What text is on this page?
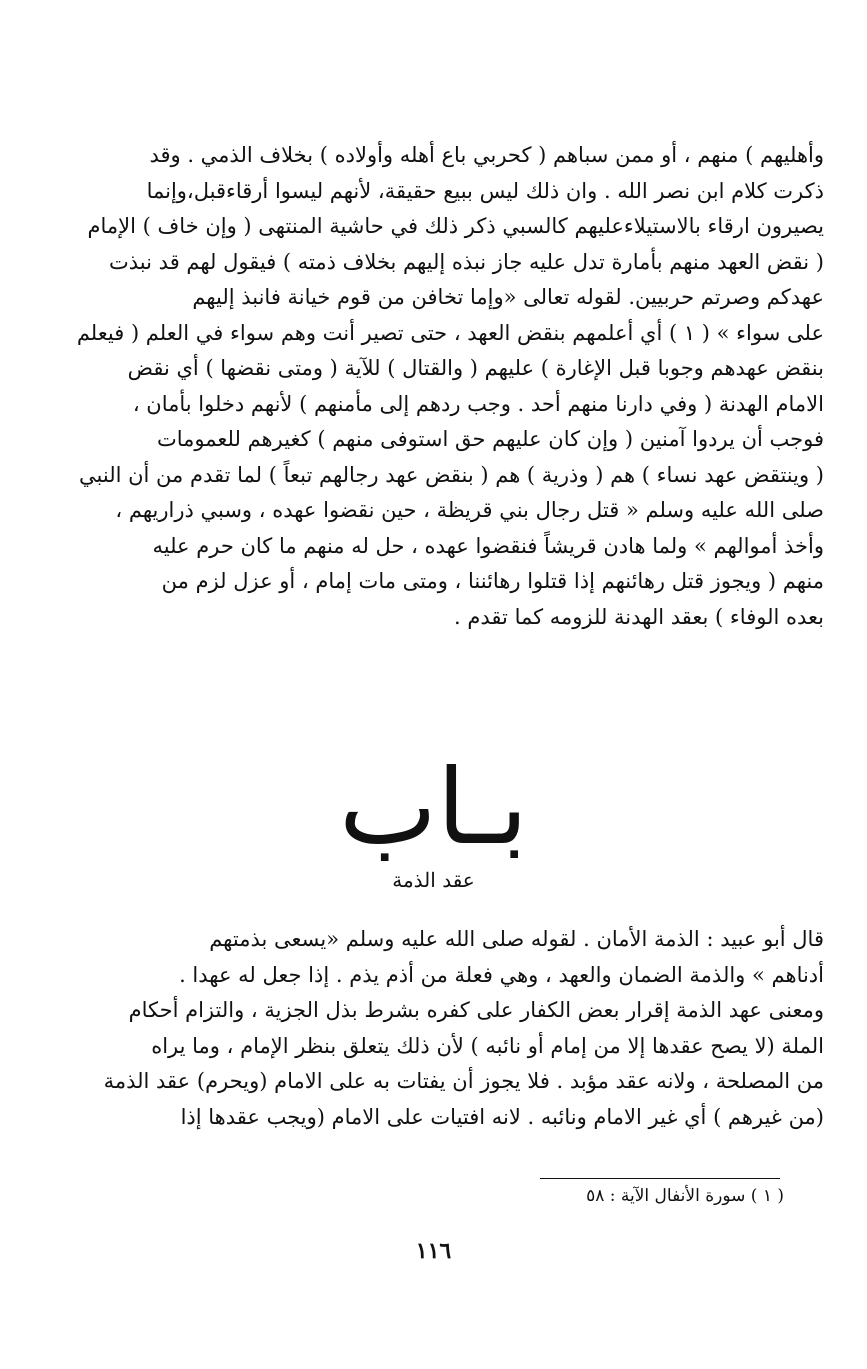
وأهليهم ) منهم ، أو ممن سباهم ( كحربي باع أهله وأولاده ) بخلاف الذمي . وقد
ذكرت كلام ابن نصر الله . وان ذلك ليس ببيع حقيقة، لأنهم ليسوا أرقاءقبل،وإنما
يصيرون ارقاء بالاستيلاءعليهم كالسبي ذكر ذلك في حاشية المنتهى ( وإن خاف ) الإمام
( نقض العهد منهم بأمارة تدل عليه جاز نبذه إليهم بخلاف ذمته ) فيقول لهم قد نبذت
عهدكم وصرتم حربيين. لقوله تعالى «وإما تخافن من قوم خيانة فانبذ إليهم
على سواء » ( ١ ) أي أعلمهم بنقض العهد ، حتى تصير أنت وهم سواء في العلم ( فيعلم
بنقض عهدهم وجوبا قبل الإغارة ) عليهم ( والقتال ) للآية ( ومتى نقضها ) أي نقض
الامام الهدنة ( وفي دارنا منهم أحد . وجب ردهم إلى مأمنهم ) لأنهم دخلوا بأمان ،
فوجب أن يردوا آمنين ( وإن كان عليهم حق استوفى منهم ) كغيرهم للعمومات
( وينتقض عهد نساء ) هم ( وذرية ) هم ( بنقض عهد رجالهم تبعاً ) لما تقدم من أن النبي
صلى الله عليه وسلم « قتل رجال بني قريظة ، حين نقضوا عهده ، وسبي ذراريهم ،
وأخذ أموالهم » ولما هادن قريشاً فنقضوا عهده ، حل له منهم ما كان حرم عليه
منهم ( ويجوز قتل رهائنهم إذا قتلوا رهائننا ، ومتى مات إمام ، أو عزل لزم من
بعده الوفاء ) بعقد الهدنة للزومه كما تقدم .
بـاب
عقد الذمة
قال أبو عبيد : الذمة الأمان . لقوله صلى الله عليه وسلم «يسعى بذمتهم
أدناهم » والذمة الضمان والعهد ، وهي فعلة من أذم يذم . إذا جعل له عهدا .
ومعنى عهد الذمة إقرار بعض الكفار على كفره بشرط بذل الجزية ، والتزام أحكام
الملة (لا يصح عقدها إلا من إمام أو نائبه ) لأن ذلك يتعلق بنظر الإمام ، وما يراه
من المصلحة ، ولانه عقد مؤبد . فلا يجوز أن يفتات به على الامام (ويحرم) عقد الذمة
(من غيرهم ) أي غير الامام ونائبه . لانه افتيات على الامام (ويجب عقدها إذا
( ١ ) سورة الأنفال الآية : ٥٨
١١٦
